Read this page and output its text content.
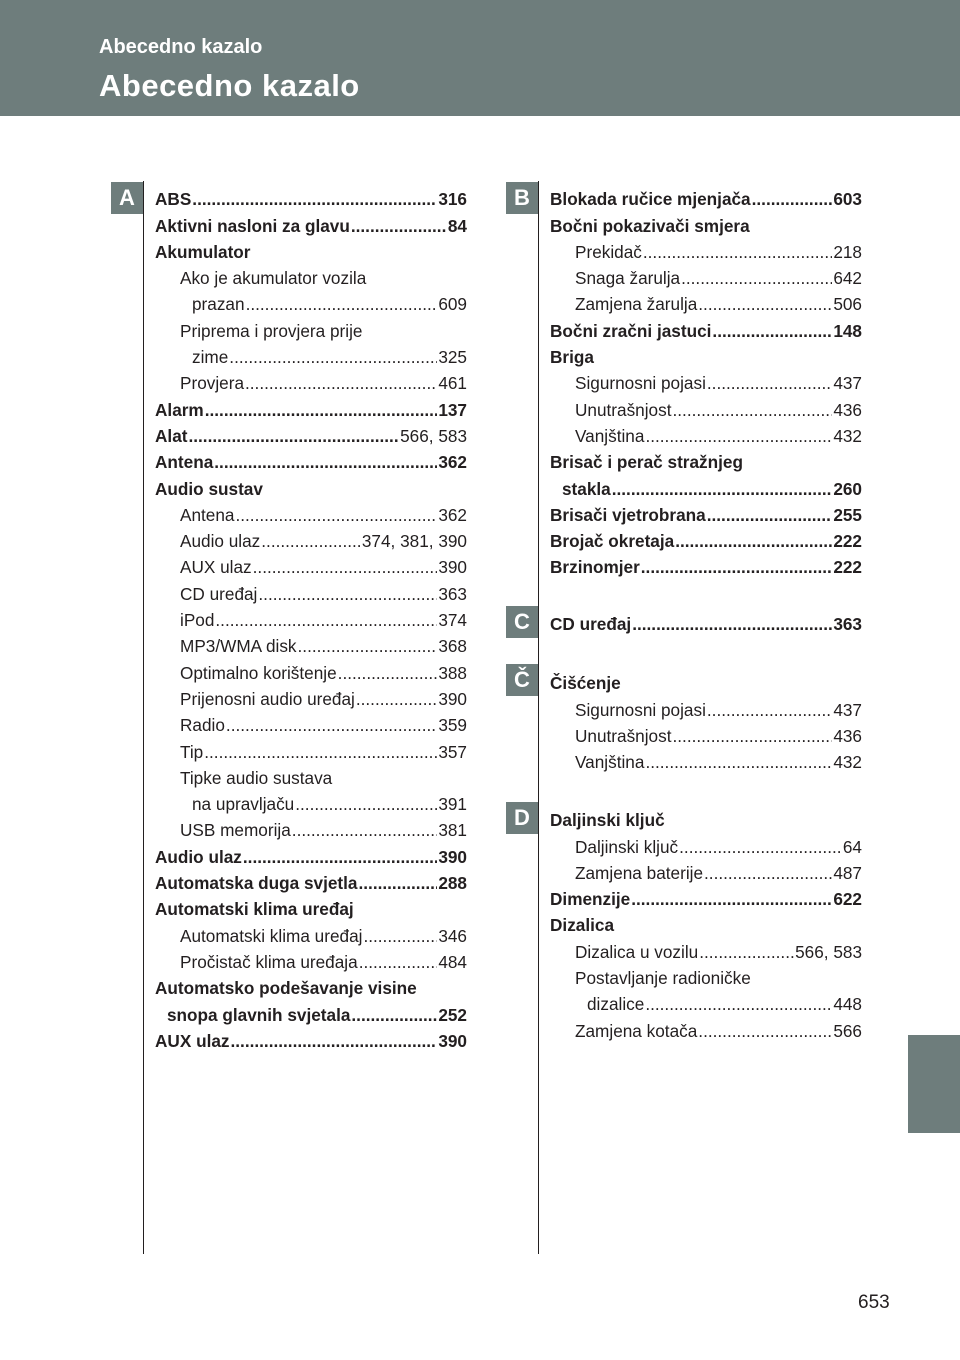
Abecedno kazalo
Abecedno kazalo
A	B
C
Č
D
ABS .....	316
Aktivni nasloni za glavu .....	84
Akumulator
Ako je akumulator vozila
prazan .....	609
Priprema i provjera prije
zime .....	325
Provjera .....	461
Alarm .....	137
Alat .....	566, 583
Antena .....	362
Audio sustav
Antena .....	362
Audio ulaz .....	374, 381, 390
AUX ulaz .....	390
CD uređaj .....	363
iPod .....	374
MP3/WMA disk .....	368
Optimalno korištenje .....	388
Prijenosni audio uređaj .....	390
Radio .....	359
Tip .....	357
Tipke audio sustava
na upravljaču .....	391
USB memorija .....	381
Audio ulaz .....	390
Automatska duga svjetla .....	288
Automatski klima uređaj
Automatski klima uređaj .....	346
Pročistač klima uređaja .....	484
Automatsko podešavanje visine
snopa glavnih svjetala .....	252
AUX ulaz .....	390
Blokada ručice mjenjača .....	603
Bočni pokazivači smjera
Prekidač .....	218
Snaga žarulja .....	642
Zamjena žarulja .....	506
Bočni zračni jastuci .....	148
Briga
Sigurnosni pojasi .....	437
Unutrašnjost .....	436
Vanjština .....	432
Brisač i perač stražnjeg
stakla .....	260
Brisači vjetrobrana .....	255
Brojač okretaja .....	222
Brzinomjer .....	222
CD uređaj .....	363
Čišćenje
Sigurnosni pojasi .....	437
Unutrašnjost .....	436
Vanjština .....	432
Daljinski ključ
Daljinski ključ .....	64
Zamjena baterije .....	487
Dimenzije .....	622
Dizalica
Dizalica u vozilu .....	566, 583
Postavljanje radioničke
dizalice .....	448
Zamjena kotača .....	566
653
